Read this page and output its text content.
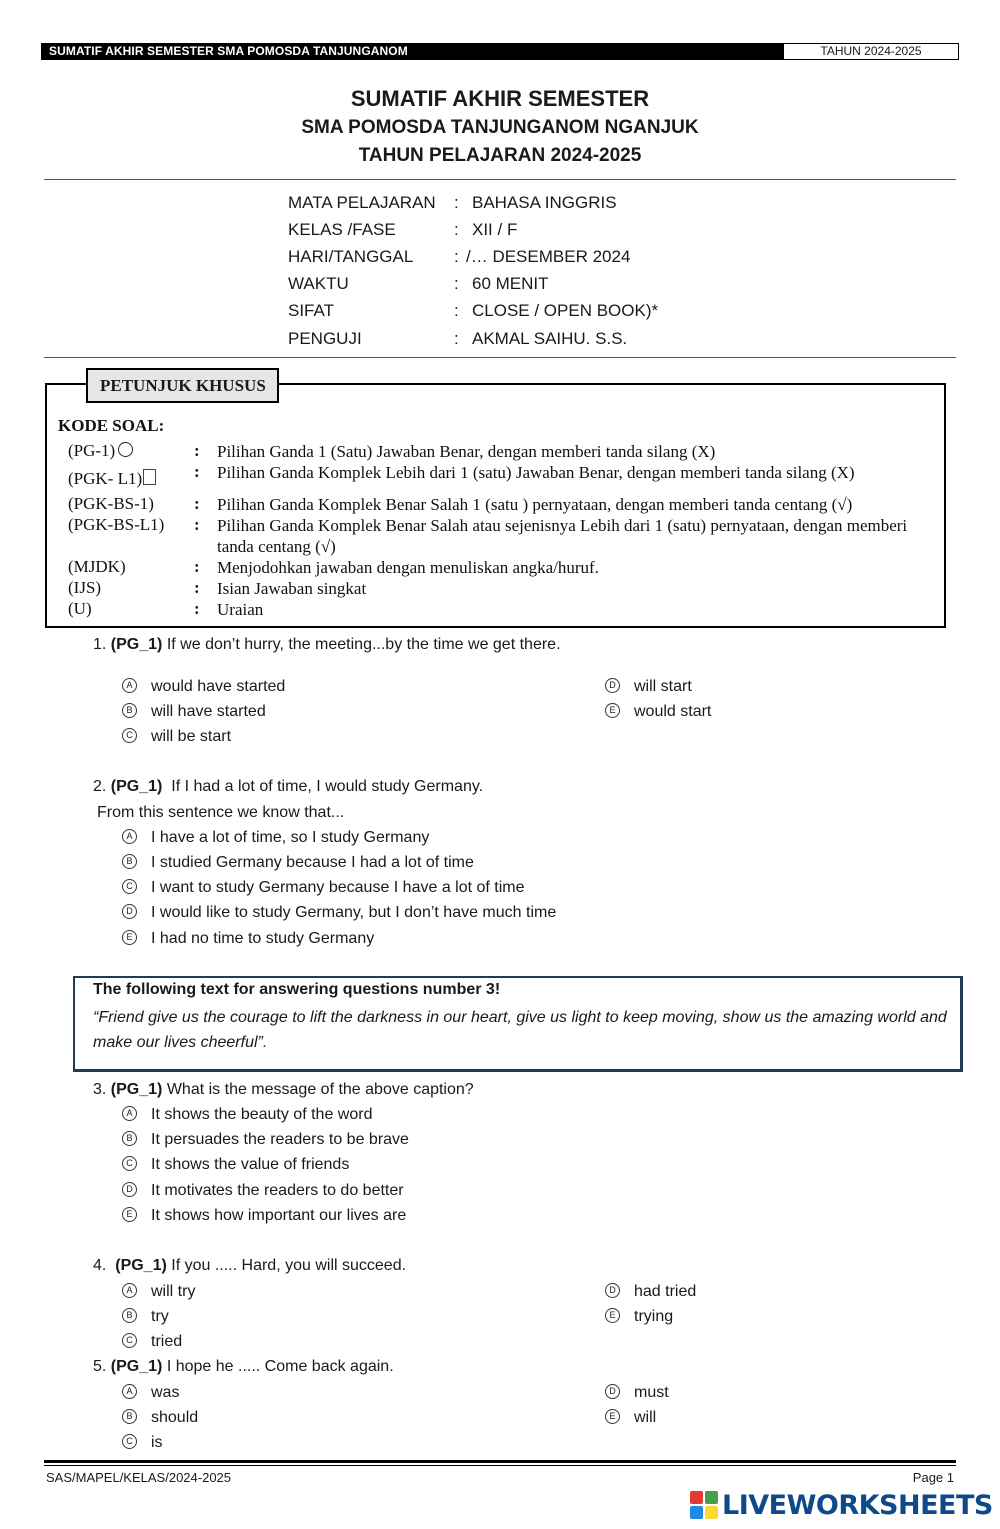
SUMATIF AKHIR SEMESTER SMA POMOSDA TANJUNGANOM	TAHUN 2024-2025
SUMATIF AKHIR SEMESTER
SMA POMOSDA TANJUNGANOM NGANJUK
TAHUN PELAJARAN 2024-2025
MATA PELAJARAN : BAHASA INGGRIS
KELAS /FASE	: XII / F
HARI/TANGGAL : /… DESEMBER 2024
WAKTU	: 60 MENIT
SIFAT	: CLOSE / OPEN BOOK)*
PENGUJI	: AKMAL SAIHU. S.S.
PETUNJUK KHUSUS
KODE SOAL:
(PG-1)	: Pilihan Ganda 1 (Satu) Jawaban Benar, dengan memberi tanda silang (X)
(PGK- L1)	: Pilihan Ganda Komplek Lebih dari 1 (satu) Jawaban Benar, dengan memberi tanda silang (X)
(PGK-BS-1) : Pilihan Ganda Komplek Benar Salah 1 (satu ) pernyataan, dengan memberi tanda centang (√)
(PGK-BS-L1) : Pilihan Ganda Komplek Benar Salah atau sejenisnya Lebih dari 1 (satu) pernyataan, dengan memberi tanda centang (√)
(MJDK)	: Menjodohkan jawaban dengan menuliskan angka/huruf.
(IJS)	: Isian Jawaban singkat
(U)	: Uraian
1. (PG_1) If we don’t hurry, the meeting...by the time we get there.
A would have started
B will have started
C will be start
D will start
E would start
2. (PG_1) If I had a lot of time, I would study Germany.
From this sentence we know that...
A I have a lot of time, so I study Germany
B I studied Germany because I had a lot of time
C I want to study Germany because I have a lot of time
D I would like to study Germany, but I don’t have much time
E I had no time to study Germany
The following text for answering questions number 3!
“Friend give us the courage to lift the darkness in our heart, give us light to keep moving, show us the amazing world and make our lives cheerful”.
3. (PG_1) What is the message of the above caption?
A It shows the beauty of the word
B It persuades the readers to be brave
C It shows the value of friends
D It motivates the readers to do better
E It shows how important our lives are
4. (PG_1) If you ..... Hard, you will succeed.
A will try
B try
C tried
D had tried
E trying
5. (PG_1) I hope he ..... Come back again.
A was
B should
C is
D must
E will
SAS/MAPEL/KELAS/2024-2025	Page 1
LIVEWORKSHEETS
